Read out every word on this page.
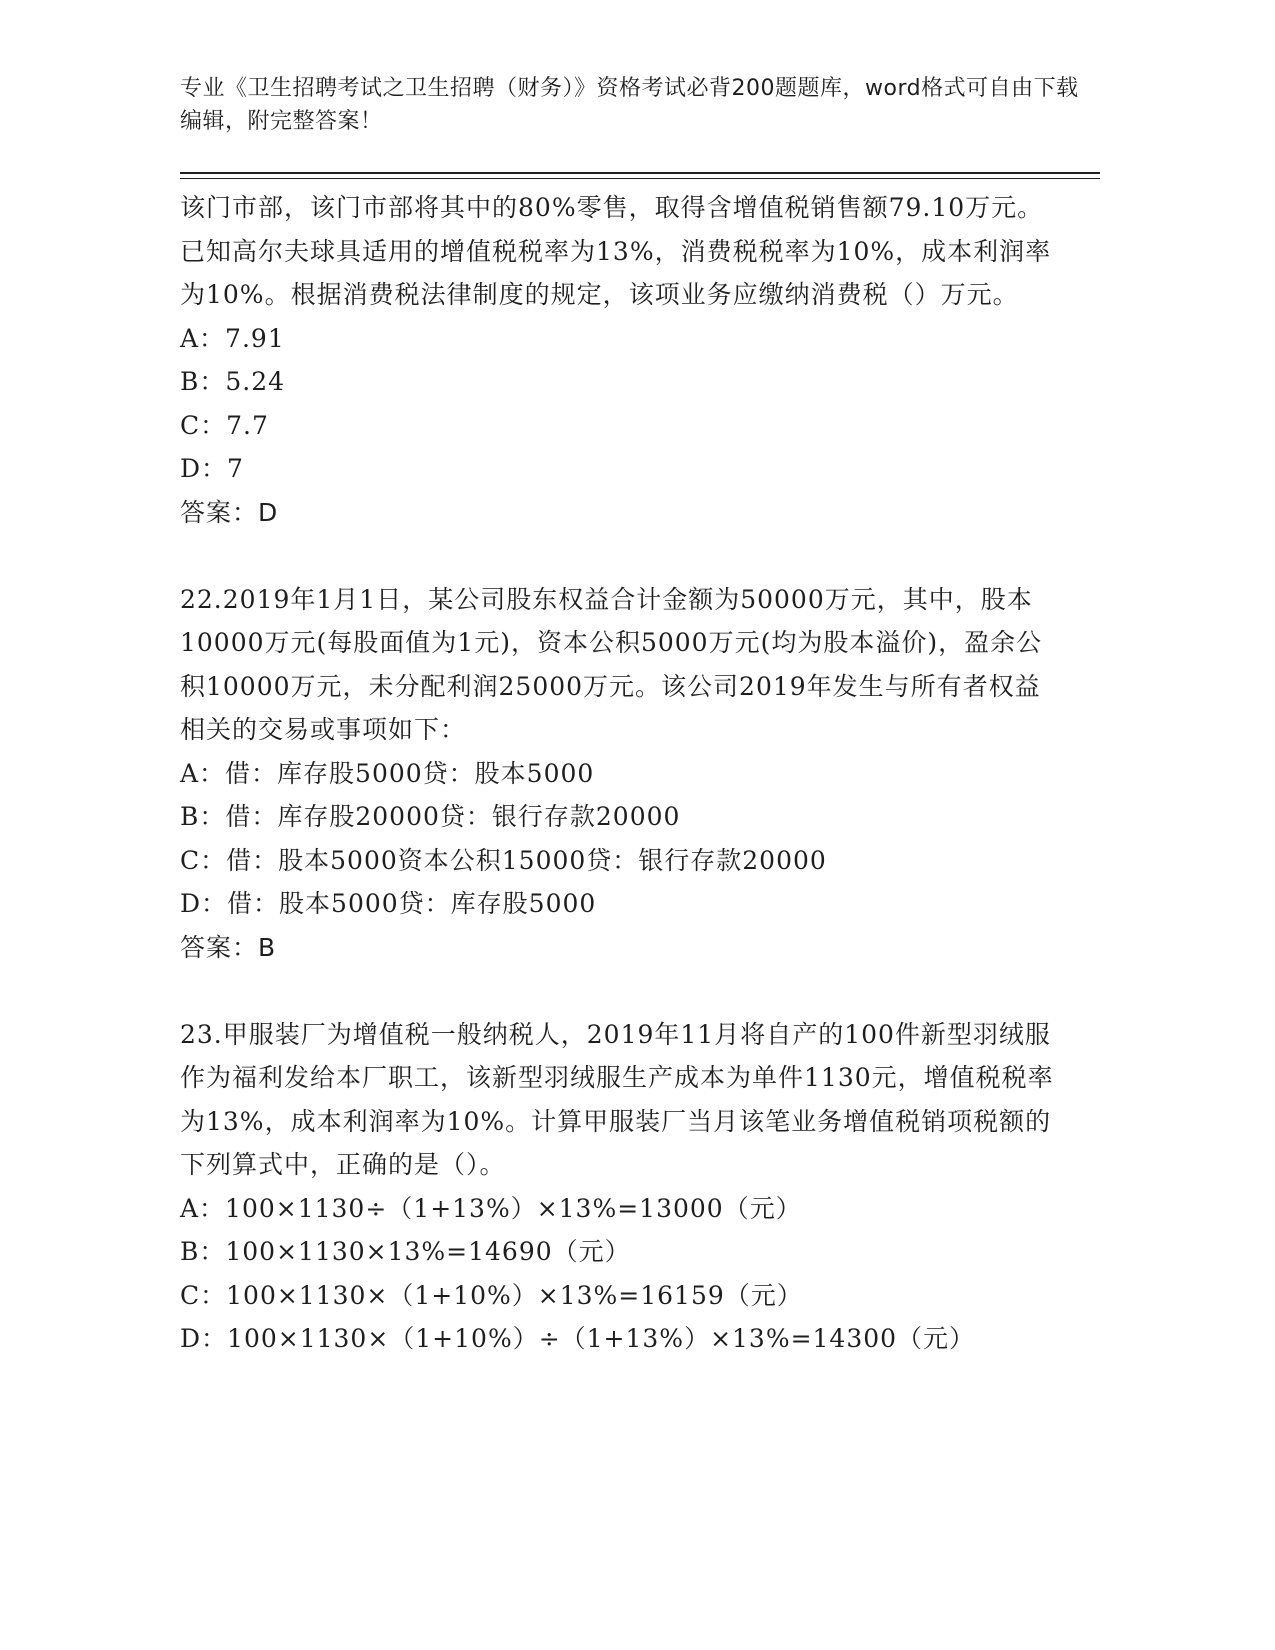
专业《卫生招聘考试之卫生招聘（财务）》资格考试必背200题题库，word格式可自由下载编辑，附完整答案！
该门市部，该门市部将其中的80%零售，取得含增值税销售额79.10万元。已知高尔夫球具适用的增值税税率为13%，消费税税率为10%，成本利润率为10%。根据消费税法律制度的规定，该项业务应缴纳消费税（）万元。
A：7.91
B：5.24
C：7.7
D：7
答案：D
22.2019年1月1日，某公司股东权益合计金额为50000万元，其中，股本10000万元(每股面值为1元)，资本公积5000万元(均为股本溢价)，盈余公积10000万元，未分配利润25000万元。该公司2019年发生与所有者权益相关的交易或事项如下：
A：借：库存股5000贷：股本5000
B：借：库存股20000贷：银行存款20000
C：借：股本5000资本公积15000贷：银行存款20000
D：借：股本5000贷：库存股5000
答案：B
23.甲服装厂为增值税一般纳税人，2019年11月将自产的100件新型羽绒服作为福利发给本厂职工，该新型羽绒服生产成本为单件1130元，增值税税率为13%，成本利润率为10%。计算甲服装厂当月该笔业务增值税销项税额的下列算式中，正确的是（）。
A：100×1130÷（1+13%）×13%=13000（元）
B：100×1130×13%=14690（元）
C：100×1130×（1+10%）×13%=16159（元）
D：100×1130×（1+10%）÷（1+13%）×13%=14300（元）
